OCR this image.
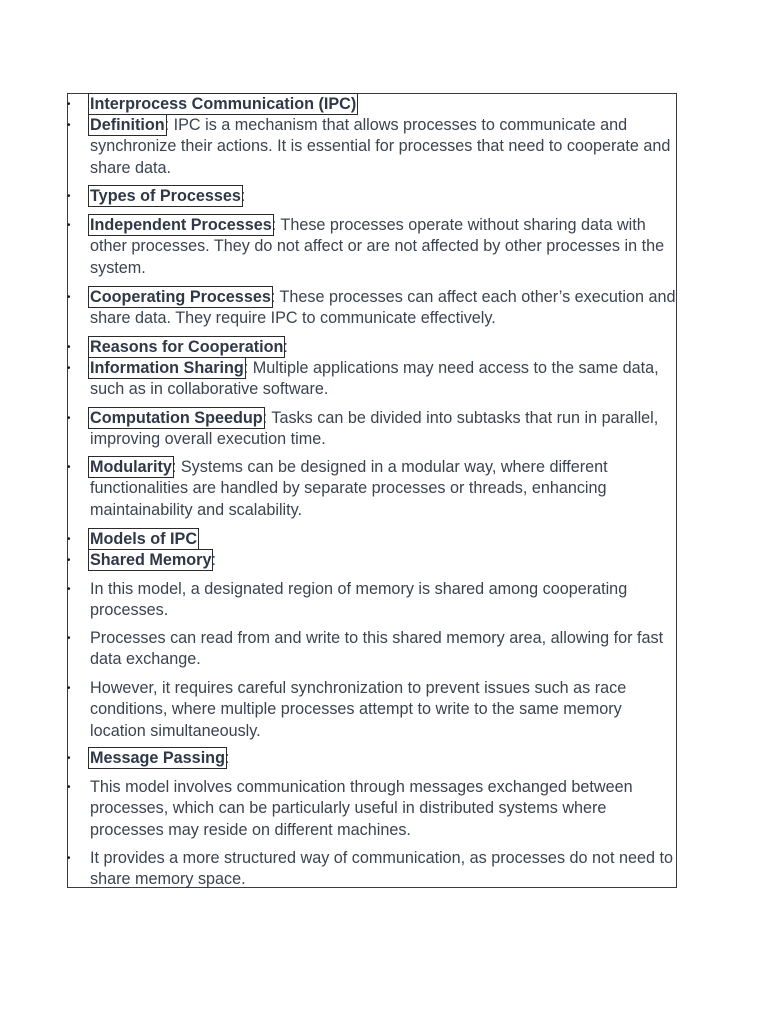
• Interprocess Communication (IPC)
• Definition: IPC is a mechanism that allows processes to communicate and synchronize their actions. It is essential for processes that need to cooperate and share data.
• Types of Processes:
• Independent Processes: These processes operate without sharing data with other processes. They do not affect or are not affected by other processes in the system.
• Cooperating Processes: These processes can affect each other’s execution and share data. They require IPC to communicate effectively.
• Reasons for Cooperation:
• Information Sharing: Multiple applications may need access to the same data, such as in collaborative software.
• Computation Speedup: Tasks can be divided into subtasks that run in parallel, improving overall execution time.
• Modularity: Systems can be designed in a modular way, where different functionalities are handled by separate processes or threads, enhancing maintainability and scalability.
• Models of IPC
• Shared Memory:
• In this model, a designated region of memory is shared among cooperating processes.
• Processes can read from and write to this shared memory area, allowing for fast data exchange.
• However, it requires careful synchronization to prevent issues such as race conditions, where multiple processes attempt to write to the same memory location simultaneously.
• Message Passing:
• This model involves communication through messages exchanged between processes, which can be particularly useful in distributed systems where processes may reside on different machines.
• It provides a more structured way of communication, as processes do not need to share memory space.
